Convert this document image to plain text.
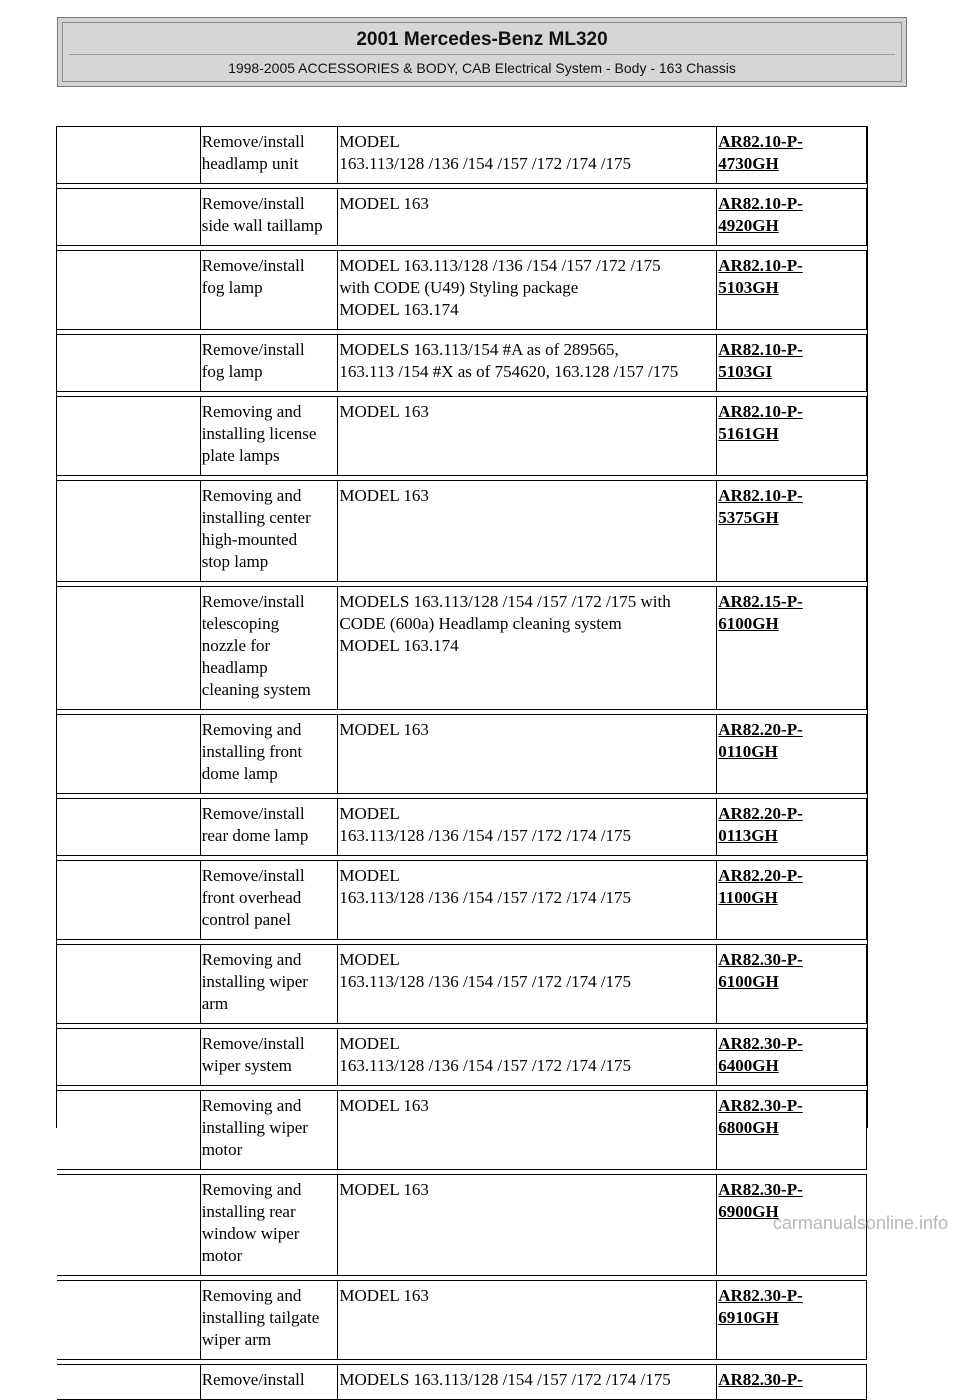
2001 Mercedes-Benz ML320
1998-2005 ACCESSORIES & BODY, CAB Electrical System - Body - 163 Chassis
	Remove/install
headlamp unit	MODEL
163.113/128 /136 /154 /157 /172 /174 /175	AR82.10-P-
4730GH

	Remove/install
side wall taillamp	MODEL 163	AR82.10-P-
4920GH

	Remove/install
fog lamp	MODEL 163.113/128 /136 /154 /157 /172 /175
with CODE (U49) Styling package
MODEL 163.174	AR82.10-P-
5103GH

	Remove/install
fog lamp	MODELS 163.113/154 #A as of 289565,
163.113 /154 #X as of 754620, 163.128 /157 /175	AR82.10-P-
5103GI

	Removing and
installing license
plate lamps	MODEL 163	AR82.10-P-
5161GH

	Removing and
installing center
high-mounted
stop lamp	MODEL 163	AR82.10-P-
5375GH

	Remove/install
telescoping
nozzle for
headlamp
cleaning system	MODELS 163.113/128 /154 /157 /172 /175 with
CODE (600a) Headlamp cleaning system
MODEL 163.174	AR82.15-P-
6100GH

	Removing and
installing front
dome lamp	MODEL 163	AR82.20-P-
0110GH

	Remove/install
rear dome lamp	MODEL
163.113/128 /136 /154 /157 /172 /174 /175	AR82.20-P-
0113GH

	Remove/install
front overhead
control panel	MODEL
163.113/128 /136 /154 /157 /172 /174 /175	AR82.20-P-
1100GH

	Removing and
installing wiper
arm	MODEL
163.113/128 /136 /154 /157 /172 /174 /175	AR82.30-P-
6100GH

	Remove/install
wiper system	MODEL
163.113/128 /136 /154 /157 /172 /174 /175	AR82.30-P-
6400GH

	Removing and
installing wiper
motor	MODEL 163	AR82.30-P-
6800GH

	Removing and
installing rear
window wiper
motor	MODEL 163	AR82.30-P-
6900GH

	Removing and
installing tailgate
wiper arm	MODEL 163	AR82.30-P-
6910GH

	Remove/install	MODELS 163.113/128 /154 /157 /172 /174 /175	AR82.30-P-
carmanualsonline.info
